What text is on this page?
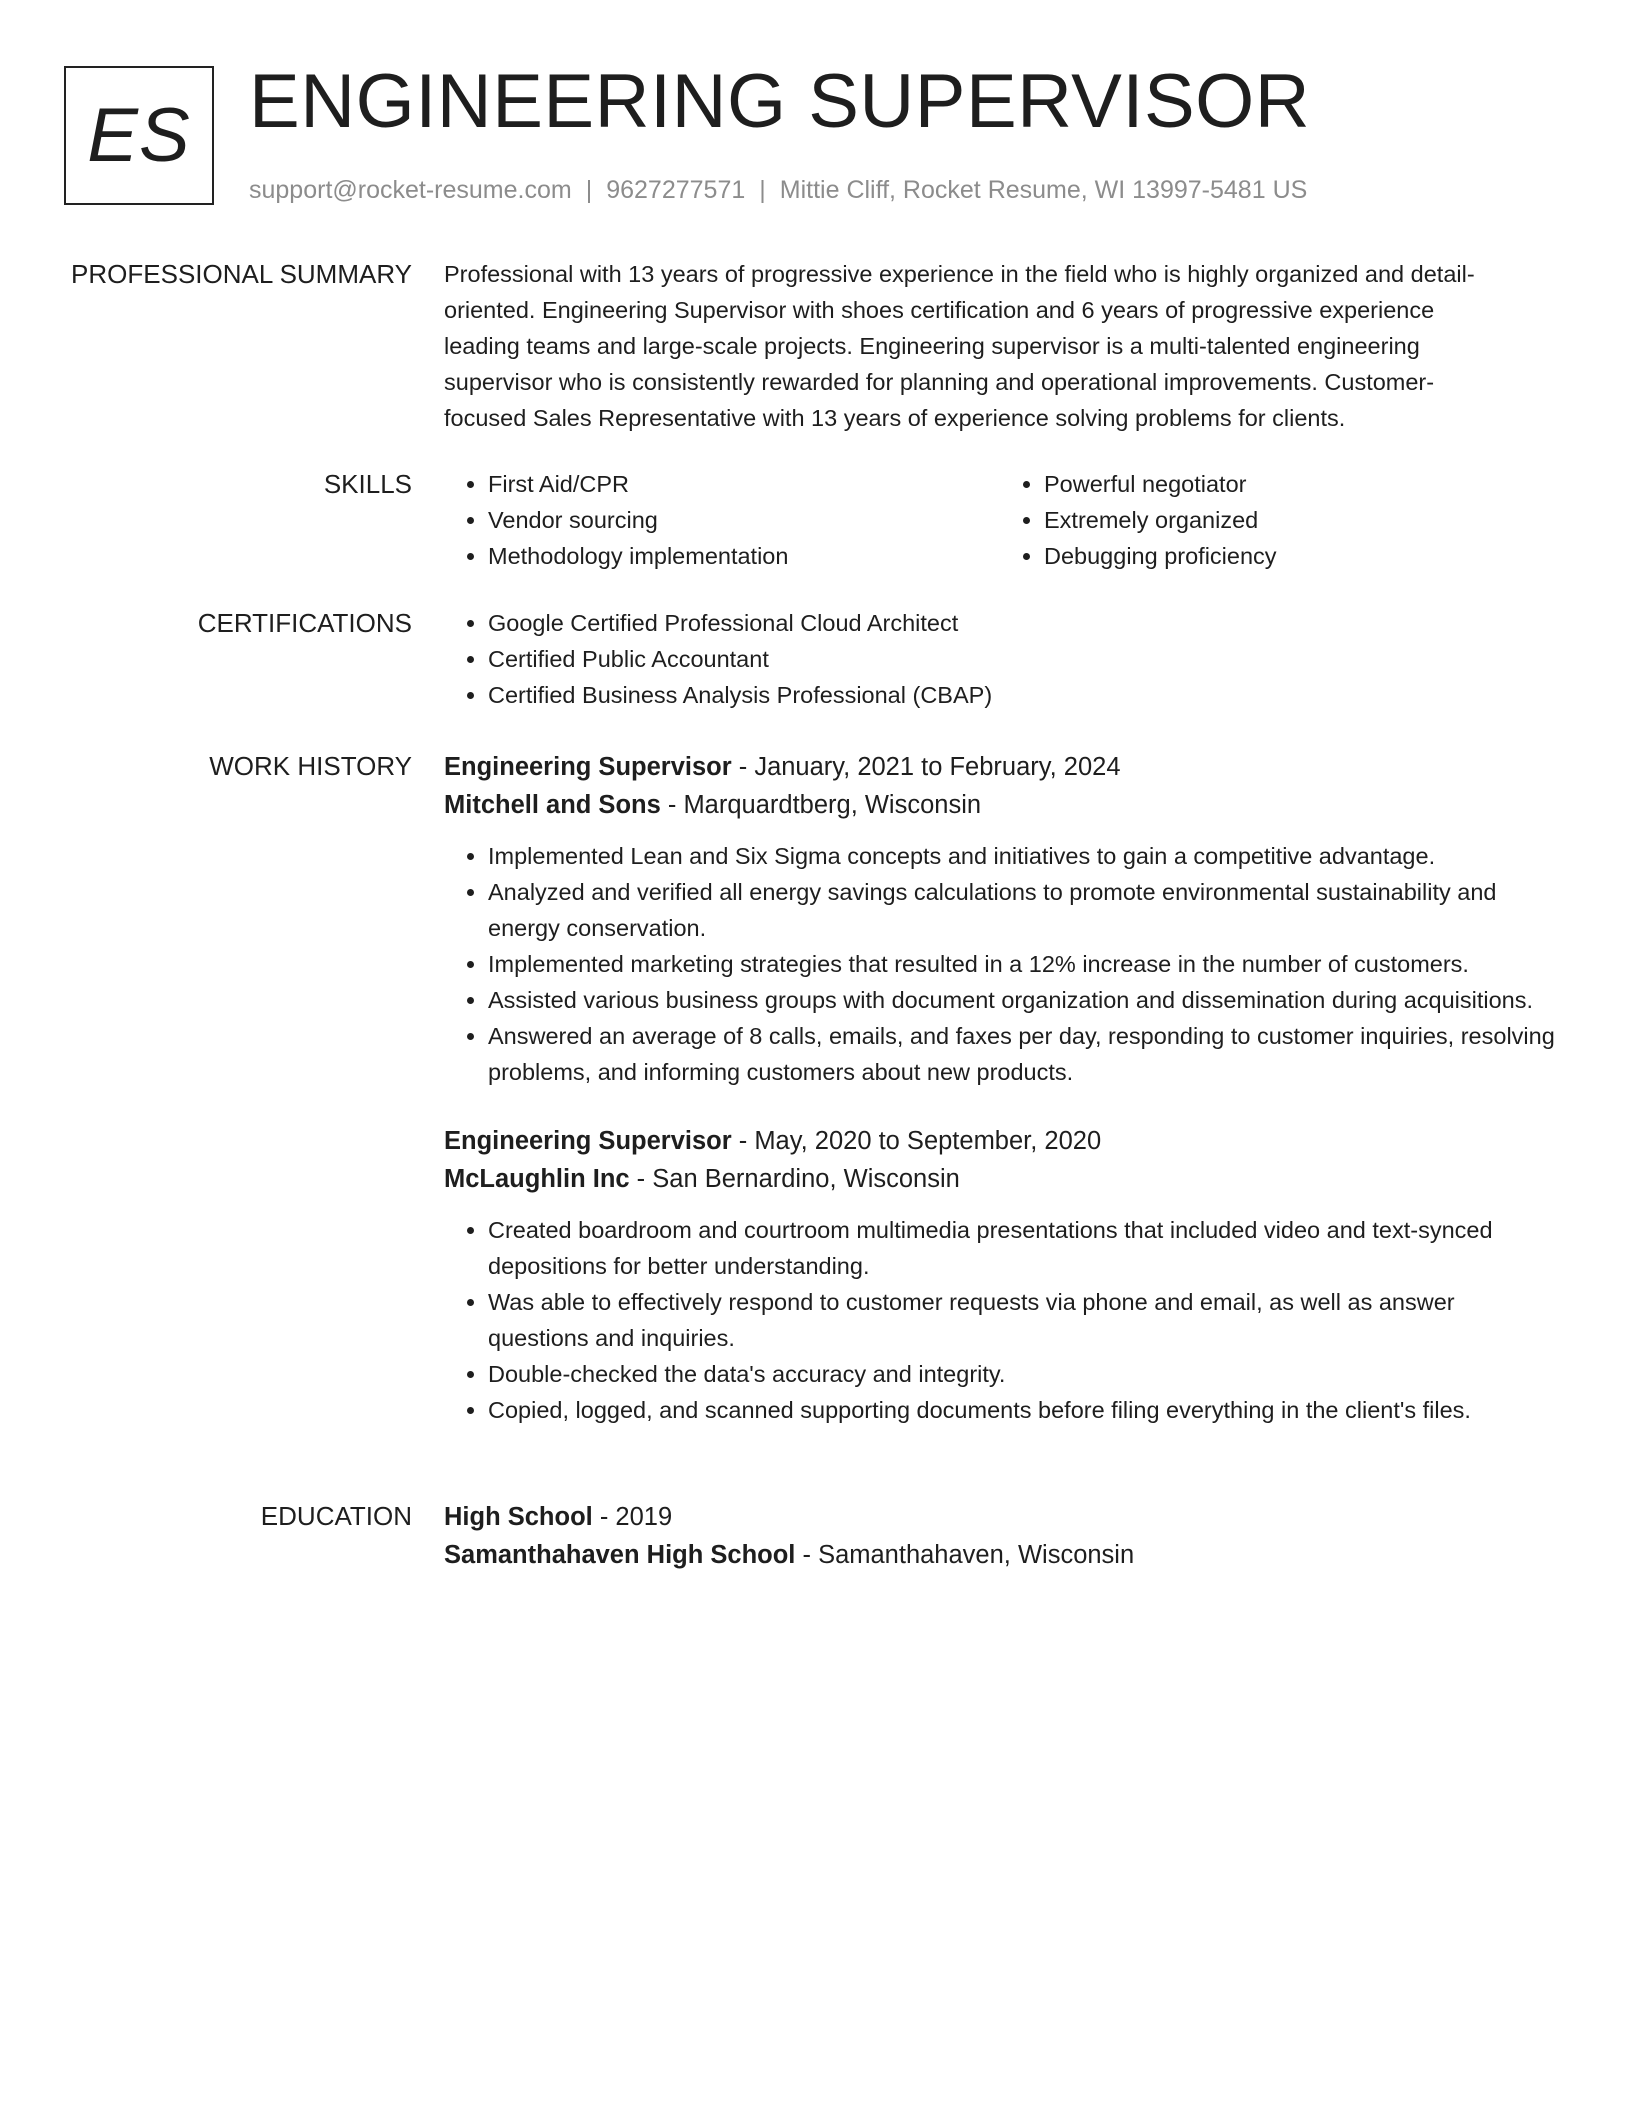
ES ENGINEERING SUPERVISOR
support@rocket-resume.com | 9627277571 | Mittie Cliff, Rocket Resume, WI 13997-5481 US
PROFESSIONAL SUMMARY Professional with 13 years of progressive experience in the field who is highly organized and detail-
oriented. Engineering Supervisor with shoes certification and 6 years of progressive experience
leading teams and large-scale projects. Engineering supervisor is a multi-talented engineering
supervisor who is consistently rewarded for planning and operational improvements. Customer-
focused Sales Representative with 13 years of experience solving problems for clients.

SKILLS	• First Aid/CPR
• Vendor sourcing
• Methodology implementation
• Powerful negotiator
• Extremely organized
• Debugging proficiency
CERTIFICATIONS	• Google Certified Professional Cloud Architect
• Certified Public Accountant
• Certified Business Analysis Professional (CBAP)
WORK HISTORY Engineering Supervisor - January, 2021 to February, 2024
Mitchell and Sons - Marquardtberg, Wisconsin
• Implemented Lean and Six Sigma concepts and initiatives to gain a competitive advantage.
• Analyzed and verified all energy savings calculations to promote environmental sustainability and energy conservation.
• Implemented marketing strategies that resulted in a 12% increase in the number of customers.
• Assisted various business groups with document organization and dissemination during acquisitions.
• Answered an average of 8 calls, emails, and faxes per day, responding to customer inquiries, resolving problems, and informing customers about new products.
Engineering Supervisor - May, 2020 to September, 2020
McLaughlin Inc - San Bernardino, Wisconsin
• Created boardroom and courtroom multimedia presentations that included video and text-synced depositions for better understanding.
• Was able to effectively respond to customer requests via phone and email, as well as answer questions and inquiries.
• Double-checked the data's accuracy and integrity.
• Copied, logged, and scanned supporting documents before filing everything in the client's files.
EDUCATION High School - 2019
Samanthahaven High School - Samanthahaven, Wisconsin
